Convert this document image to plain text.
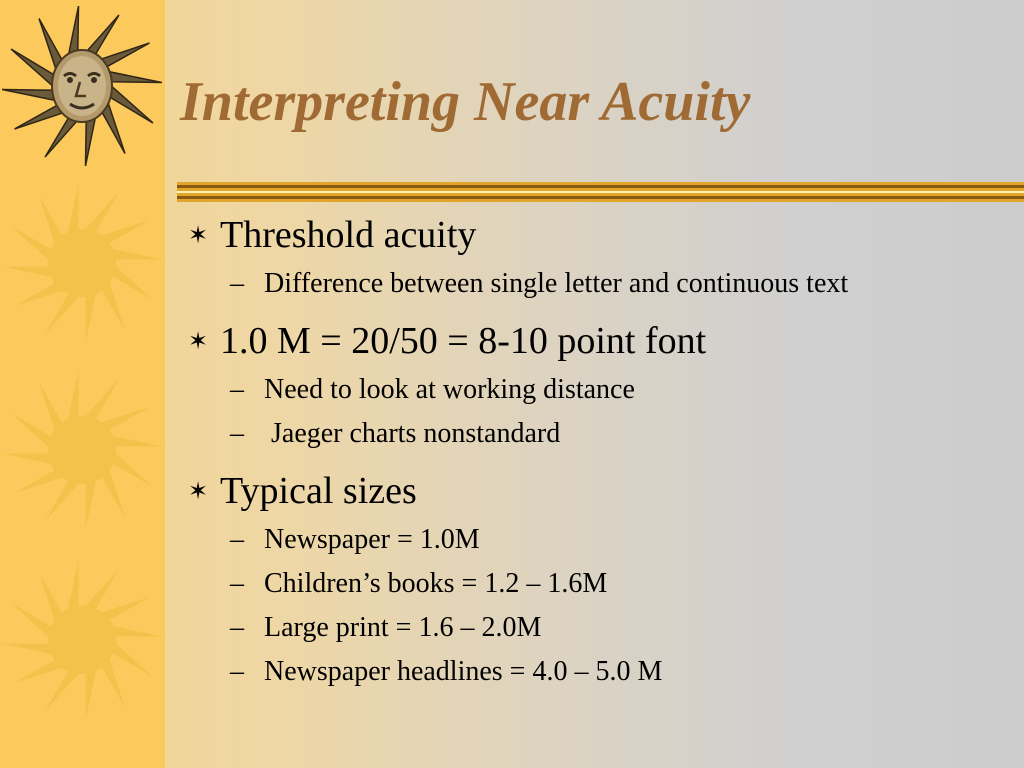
Interpreting Near Acuity
✶ Threshold acuity
– Difference between single letter and continuous text
✶ 1.0 M = 20/50 = 8-10 point font
– Need to look at working distance
– Jaeger charts nonstandard
✶ Typical sizes
– Newspaper = 1.0M
– Children’s books = 1.2 – 1.6M
– Large print = 1.6 – 2.0M
– Newspaper headlines = 4.0 – 5.0 M
